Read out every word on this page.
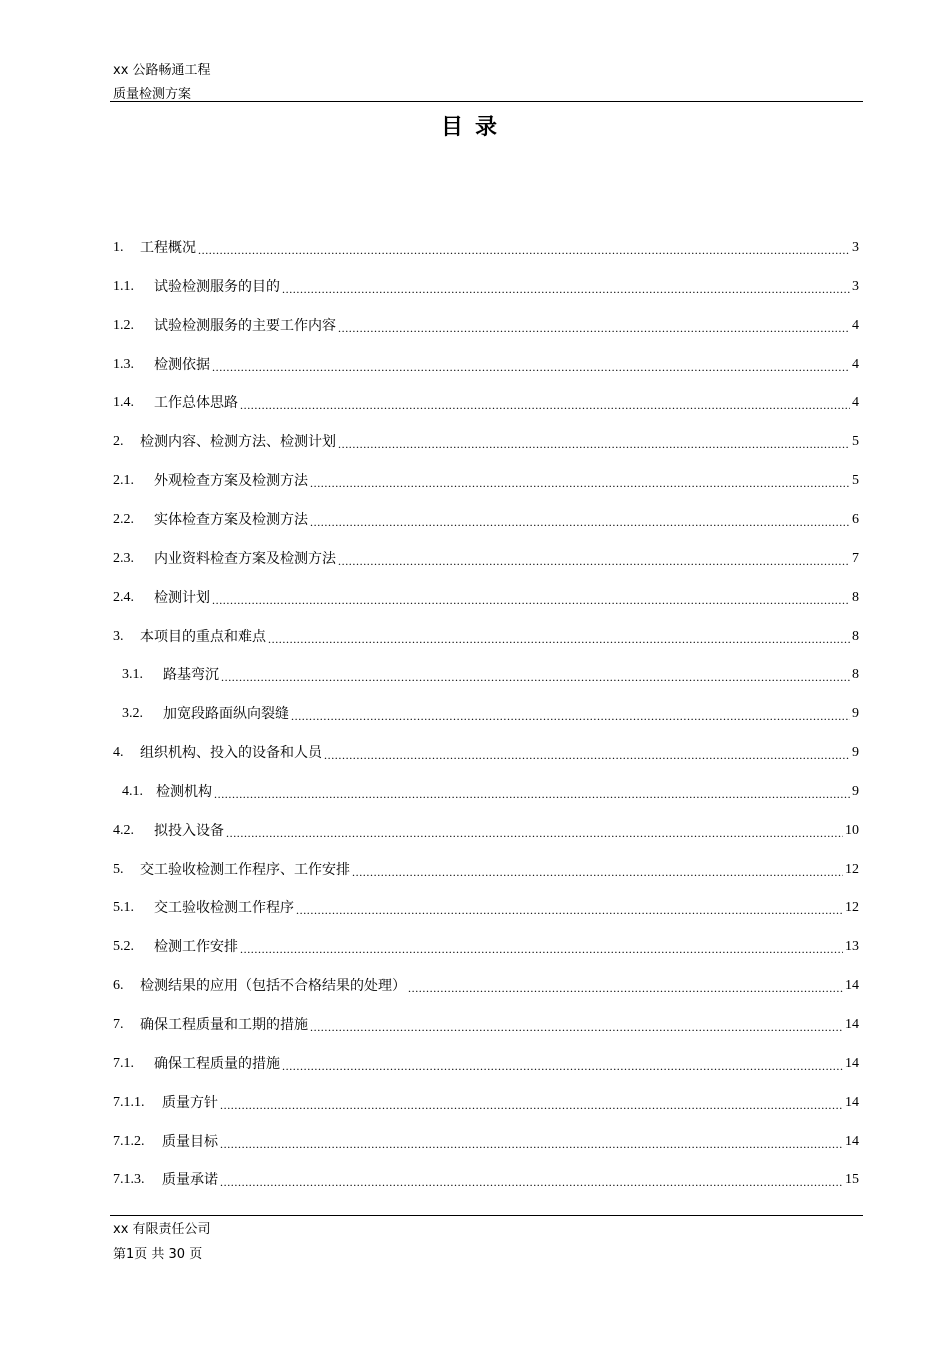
xx 公路畅通工程
质量检测方案
目录
1.	工程概况 .....	3
1.1.	试验检测服务的目的 .....	3
1.2.	试验检测服务的主要工作内容 .....	4
1.3.	检测依据 .....	4
1.4.	工作总体思路 .....	4
2.	检测内容、检测方法、检测计划 .....	5
2.1.	外观检查方案及检测方法 .....	5
2.2.	实体检查方案及检测方法 .....	6
2.3.	内业资料检查方案及检测方法 .....	7
2.4.	检测计划 .....	8
3.	本项目的重点和难点 .....	8
3.1.	路基弯沉 .....	8
3.2.	加宽段路面纵向裂缝 .....	9
4.	组织机构、投入的设备和人员 .....	9
4.1. 检测机构 .....	9
4.2.	拟投入设备 .....	10
5.	交工验收检测工作程序、工作安排 .....	12
5.1.	交工验收检测工作程序 .....	12
5.2.	检测工作安排 .....	13
6.	检测结果的应用（包括不合格结果的处理） .....	14
7.	确保工程质量和工期的措施 .....	14
7.1.	确保工程质量的措施 .....	14
7.1.1.	质量方针 .....	14
7.1.2.	质量目标 .....	14
7.1.3.	质量承诺 .....	15
xx 有限责任公司
第1页 共 30 页
